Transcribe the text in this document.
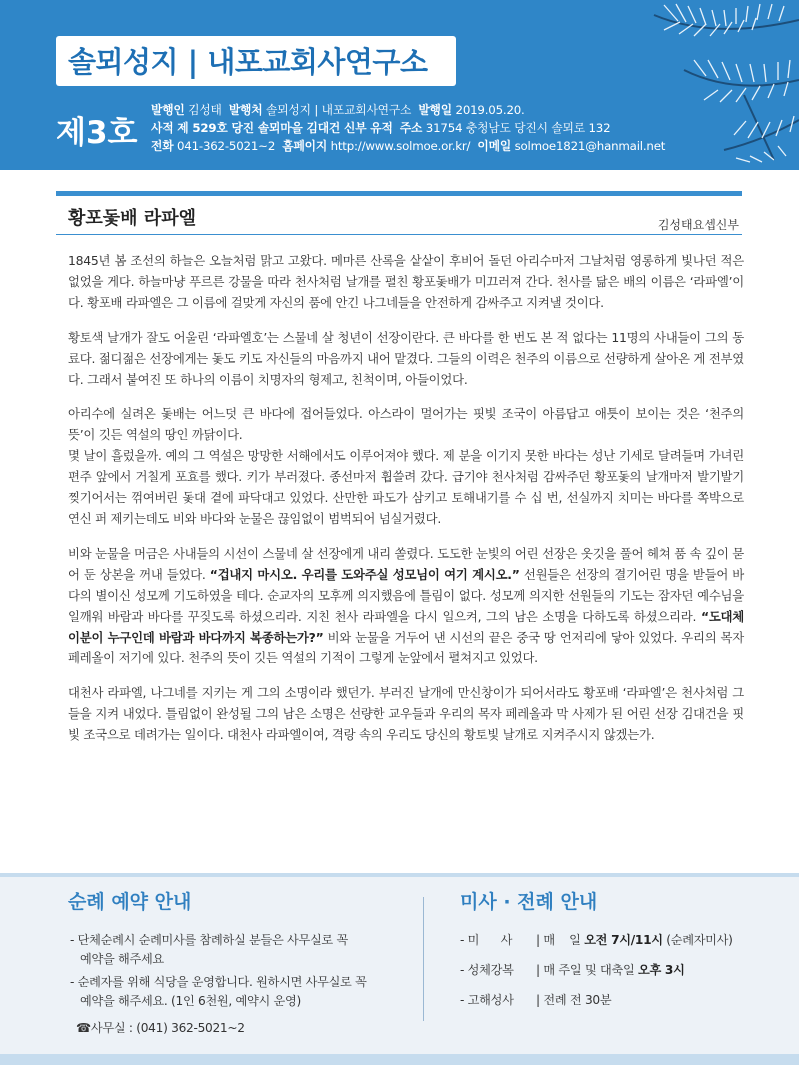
솔뫼성지 | 내포교회사연구소
제3호
발행인 김성태 발행처 솔뫼성지 | 내포교회사연구소 발행일 2019.05.20.
사적 제 529호 당진 솔뫼마을 김대건 신부 유적 주소 31754 충청남도 당진시 솔뫼로 132
전화 041-362-5021~2 홈페이지 http://www.solmoe.or.kr/ 이메일 solmoe1821@hanmail.net
황포돛배 라파엘	김성태요셉신부

1845년 봄 조선의 하늘은 오늘처럼 맑고 고왔다. 메마른 산록을 샅샅이 후비어 돌던 아리수마저 그날처럼 영롱하게 빛나던 적은 없었을 게다. 하늘마냥 푸르른 강물을 따라 천사처럼 날개를 펼친 황포돛배가 미끄러져 간다. 천사를 닮은 배의 이름은 ‘라파엘’이다. 황포배 라파엘은 그 이름에 걸맞게 자신의 품에 안긴 나그네들을 안전하게 감싸주고 지켜낼 것이다.

황토색 날개가 잘도 어울린 ‘라파엘호’는 스물네 살 청년이 선장이란다. 큰 바다를 한 번도 본 적 없다는 11명의 사내들이 그의 동료다. 젊디젊은 선장에게는 돛도 키도 자신들의 마음까지 내어 맡겼다. 그들의 이력은 천주의 이름으로 선량하게 살아온 게 전부였다. 그래서 붙여진 또 하나의 이름이 치명자의 형제고, 친척이며, 아들이었다.

아리수에 실려온 돛배는 어느덧 큰 바다에 접어들었다. 아스라이 멀어가는 핏빛 조국이 아름답고 애틋이 보이는 것은 ‘천주의 뜻’이 깃든 역설의 땅인 까닭이다.
몇 날이 흘렀을까. 예의 그 역설은 망망한 서해에서도 이루어져야 했다. 제 분을 이기지 못한 바다는 성난 기세로 달려들며 가녀린 편주 앞에서 거칠게 포효를 했다. 키가 부러졌다. 종선마저 휩쓸려 갔다. 급기야 천사처럼 감싸주던 황포돛의 날개마저 발기발기 찢기어서는 꺾여버린 돛대 곁에 파닥대고 있었다. 산만한 파도가 삼키고 토해내기를 수 십 번, 선실까지 치미는 바다를 쪽박으로 연신 퍼 제키는데도 비와 바다와 눈물은 끊임없이 범벅되어 넘실거렸다.

비와 눈물을 머금은 사내들의 시선이 스물네 살 선장에게 내리 쏠렸다. 도도한 눈빛의 어린 선장은 옷깃을 풀어 헤쳐 품 속 깊이 묻어 둔 상본을 꺼내 들었다. “겁내지 마시오. 우리를 도와주실 성모님이 여기 계시오.” 선원들은 선장의 결기어린 명을 받들어 바다의 별이신 성모께 기도하였을 테다. 순교자의 모후께 의지했음에 틀림이 없다. 성모께 의지한 선원들의 기도는 잠자던 예수님을 일깨워 바람과 바다를 꾸짖도록 하셨으리라. 지친 천사 라파엘을 다시 일으켜, 그의 남은 소명을 다하도록 하셨으리라. “도대체 이분이 누구인데 바람과 바다까지 복종하는가?” 비와 눈물을 거두어 낸 시선의 끝은 중국 땅 언저리에 닿아 있었다. 우리의 목자 페레올이 저기에 있다. 천주의 뜻이 깃든 역설의 기적이 그렇게 눈앞에서 펼쳐지고 있었다.

대천사 라파엘, 나그네를 지키는 게 그의 소명이라 했던가. 부러진 날개에 만신창이가 되어서라도 황포배 ‘라파엘’은 천사처럼 그들을 지켜 내었다. 틀림없이 완성될 그의 남은 소명은 선량한 교우들과 우리의 목자 페레올과 막 사제가 된 어린 선장 김대건을 핏빛 조국으로 데려가는 일이다. 대천사 라파엘이여, 격랑 속의 우리도 당신의 황토빛 날개로 지켜주시지 않겠는가.

순례 예약 안내
- 단체순례시 순례미사를 참례하실 분들은 사무실로 꼭
예약을 해주세요
- 순례자를 위해 식당을 운영합니다. 원하시면 사무실로 꼭
예약을 해주세요. (1인 6천원, 예약시 운영)
☎사무실 : (041) 362-5021~2
미사 · 전례 안내
- 미      사 | 매    일 오전 7시/11시 (순례자미사)
- 성체강복 | 매 주일 및 대축일 오후 3시
- 고해성사 | 전례 전 30분
